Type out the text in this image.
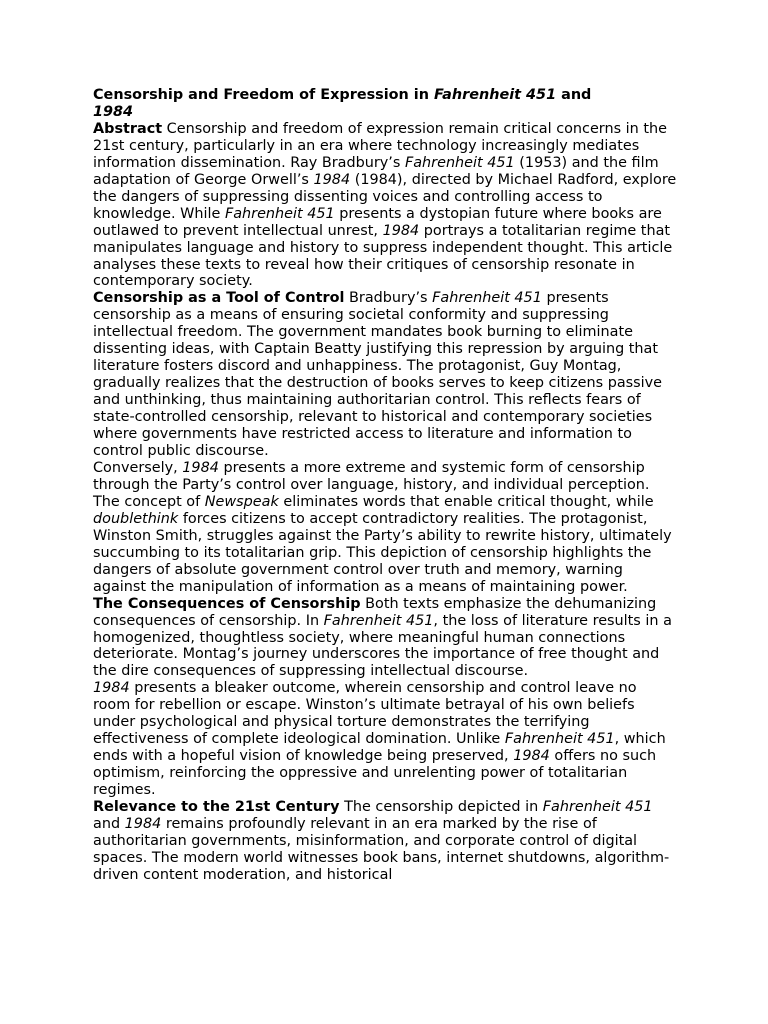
Censorship and Freedom of Expression in Fahrenheit 451 and
1984

Abstract Censorship and freedom of expression remain critical concerns in the 21st century, particularly in an era where technology increasingly mediates information dissemination. Ray Bradbury’s Fahrenheit 451 (1953) and the film adaptation of George Orwell’s 1984 (1984), directed by Michael Radford, explore the dangers of suppressing dissenting voices and controlling access to knowledge. While Fahrenheit 451 presents a dystopian future where books are outlawed to prevent intellectual unrest, 1984 portrays a totalitarian regime that manipulates language and history to suppress independent thought. This article analyses these texts to reveal how their critiques of censorship resonate in contemporary society.

Censorship as a Tool of Control Bradbury’s Fahrenheit 451 presents censorship as a means of ensuring societal conformity and suppressing intellectual freedom. The government mandates book burning to eliminate dissenting ideas, with Captain Beatty justifying this repression by arguing that literature fosters discord and unhappiness. The protagonist, Guy Montag, gradually realizes that the destruction of books serves to keep citizens passive and unthinking, thus maintaining authoritarian control. This reflects fears of state-controlled censorship, relevant to historical and contemporary societies where governments have restricted access to literature and information to control public discourse.

Conversely, 1984 presents a more extreme and systemic form of censorship through the Party’s control over language, history, and individual perception. The concept of Newspeak eliminates words that enable critical thought, while doublethink forces citizens to accept contradictory realities. The protagonist, Winston Smith, struggles against the Party’s ability to rewrite history, ultimately succumbing to its totalitarian grip. This depiction of censorship highlights the dangers of absolute government control over truth and memory, warning against the manipulation of information as a means of maintaining power.

The Consequences of Censorship Both texts emphasize the dehumanizing consequences of censorship. In Fahrenheit 451, the loss of literature results in a homogenized, thoughtless society, where meaningful human connections deteriorate. Montag’s journey underscores the importance of free thought and the dire consequences of suppressing intellectual discourse.

1984 presents a bleaker outcome, wherein censorship and control leave no room for rebellion or escape. Winston’s ultimate betrayal of his own beliefs under psychological and physical torture demonstrates the terrifying effectiveness of complete ideological domination. Unlike Fahrenheit 451, which ends with a hopeful vision of knowledge being preserved, 1984 offers no such optimism, reinforcing the oppressive and unrelenting power of totalitarian regimes.

Relevance to the 21st Century The censorship depicted in Fahrenheit 451 and 1984 remains profoundly relevant in an era marked by the rise of authoritarian governments, misinformation, and corporate control of digital spaces. The modern world witnesses book bans, internet shutdowns, algorithm-driven content moderation, and historical
